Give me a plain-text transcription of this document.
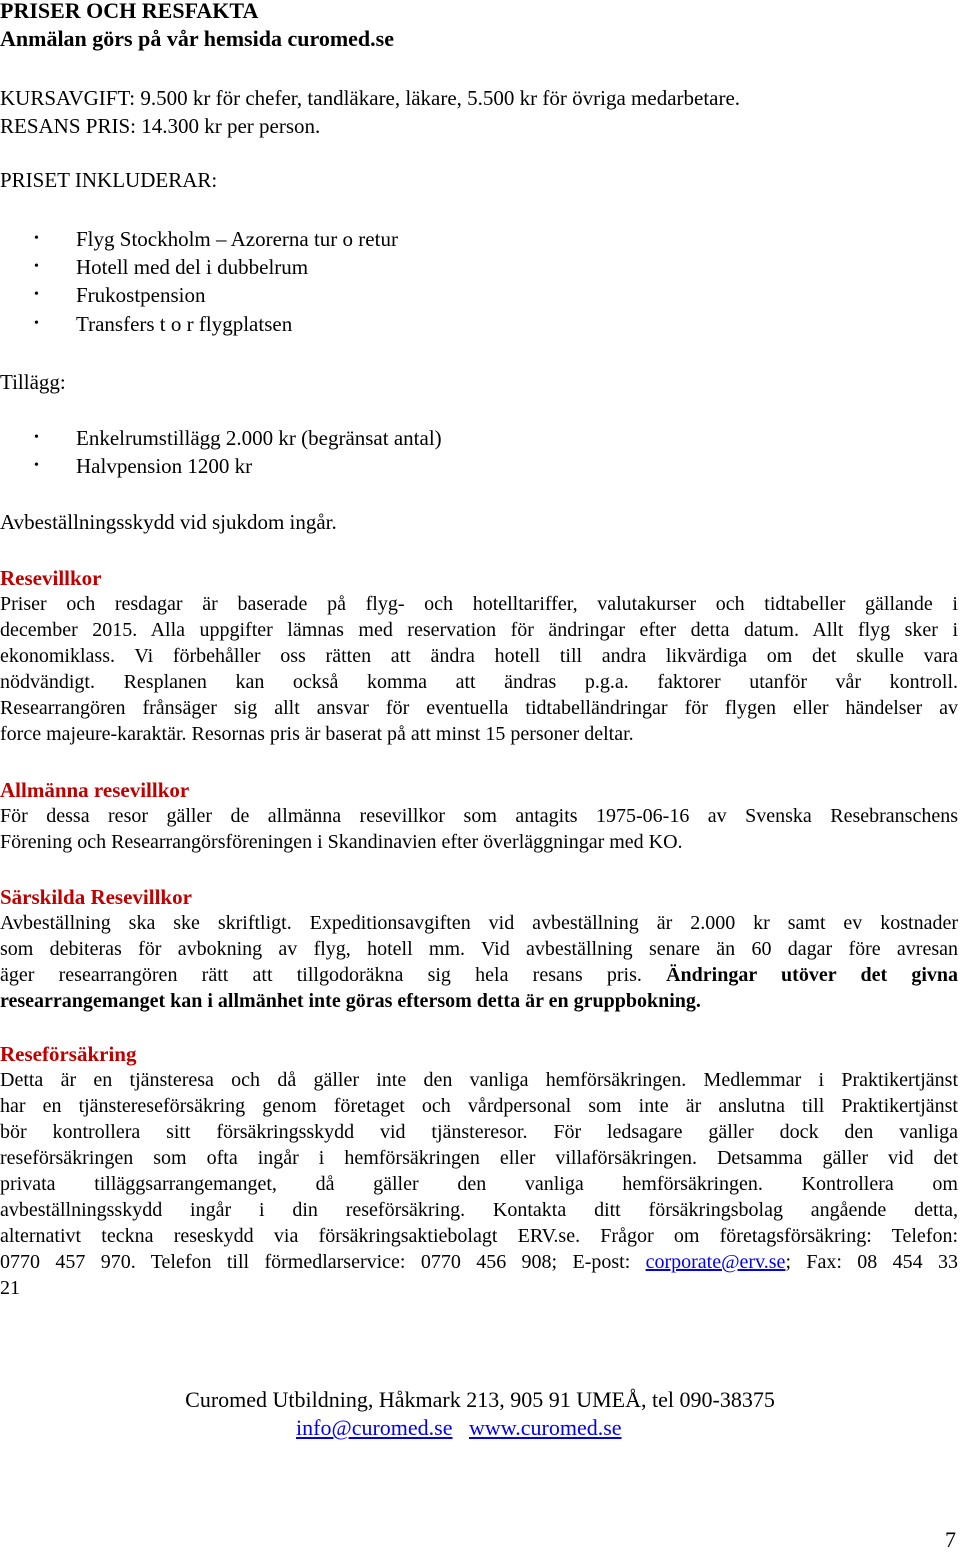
PRISER OCH RESFAKTA
Anmälan görs på vår hemsida curomed.se
KURSAVGIFT: 9.500 kr för chefer, tandläkare, läkare, 5.500 kr för övriga medarbetare.
RESANS PRIS: 14.300 kr per person.
PRISET INKLUDERAR:
• Flyg Stockholm – Azorerna tur o retur
• Hotell med del i dubbelrum
• Frukostpension
• Transfers t o r flygplatsen
Tillägg:
• Enkelrumstillägg 2.000 kr (begränsat antal)
• Halvpension 1200 kr
Avbeställningsskydd vid sjukdom ingår.
Resevillkor
Priser och resdagar är baserade på flyg- och hotelltariffer, valutakurser och tidtabeller gällande i
december 2015. Alla uppgifter lämnas med reservation för ändringar efter detta datum. Allt flyg sker i
ekonomiklass. Vi förbehåller oss rätten att ändra hotell till andra likvärdiga om det skulle vara
nödvändigt. Resplanen kan också komma att ändras p.g.a. faktorer utanför vår kontroll.
Researrangören frånsäger sig allt ansvar för eventuella tidtabelländringar för flygen eller händelser av
force majeure-karaktär. Resornas pris är baserat på att minst 15 personer deltar.
Allmänna resevillkor
För dessa resor gäller de allmänna resevillkor som antagits 1975-06-16 av Svenska Resebranschens
Förening och Researrangörsföreningen i Skandinavien efter överläggningar med KO.
Särskilda Resevillkor
Avbeställning ska ske skriftligt. Expeditionsavgiften vid avbeställning är 2.000 kr samt ev kostnader
som debiteras för avbokning av flyg, hotell mm. Vid avbeställning senare än 60 dagar före avresan
äger researrangören rätt att tillgodoräkna sig hela resans pris. Ändringar utöver det givna
researrangemanget kan i allmänhet inte göras eftersom detta är en gruppbokning.
Reseförsäkring
Detta är en tjänsteresa och då gäller inte den vanliga hemförsäkringen. Medlemmar i Praktikertjänst
har en tjänstereseförsäkring genom företaget och vårdpersonal som inte är anslutna till Praktikertjänst
bör kontrollera sitt försäkringsskydd vid tjänsteresor. För ledsagare gäller dock den vanliga
reseförsäkringen som ofta ingår i hemförsäkringen eller villaförsäkringen. Detsamma gäller vid det
privata tilläggsarrangemanget, då gäller den vanliga hemförsäkringen. Kontrollera om
avbeställningsskydd ingår i din reseförsäkring. Kontakta ditt försäkringsbolag angående detta,
alternativt teckna reseskydd via försäkringsaktiebolagt ERV.se. Frågor om företagsförsäkring: Telefon:
0770 457 970. Telefon till förmedlarservice: 0770 456 908; E-post: corporate@erv.se; Fax: 08 454 33
21
Curomed Utbildning, Håkmark 213, 905 91 UMEÅ, tel 090-38375
info@curomed.se www.curomed.se
7
